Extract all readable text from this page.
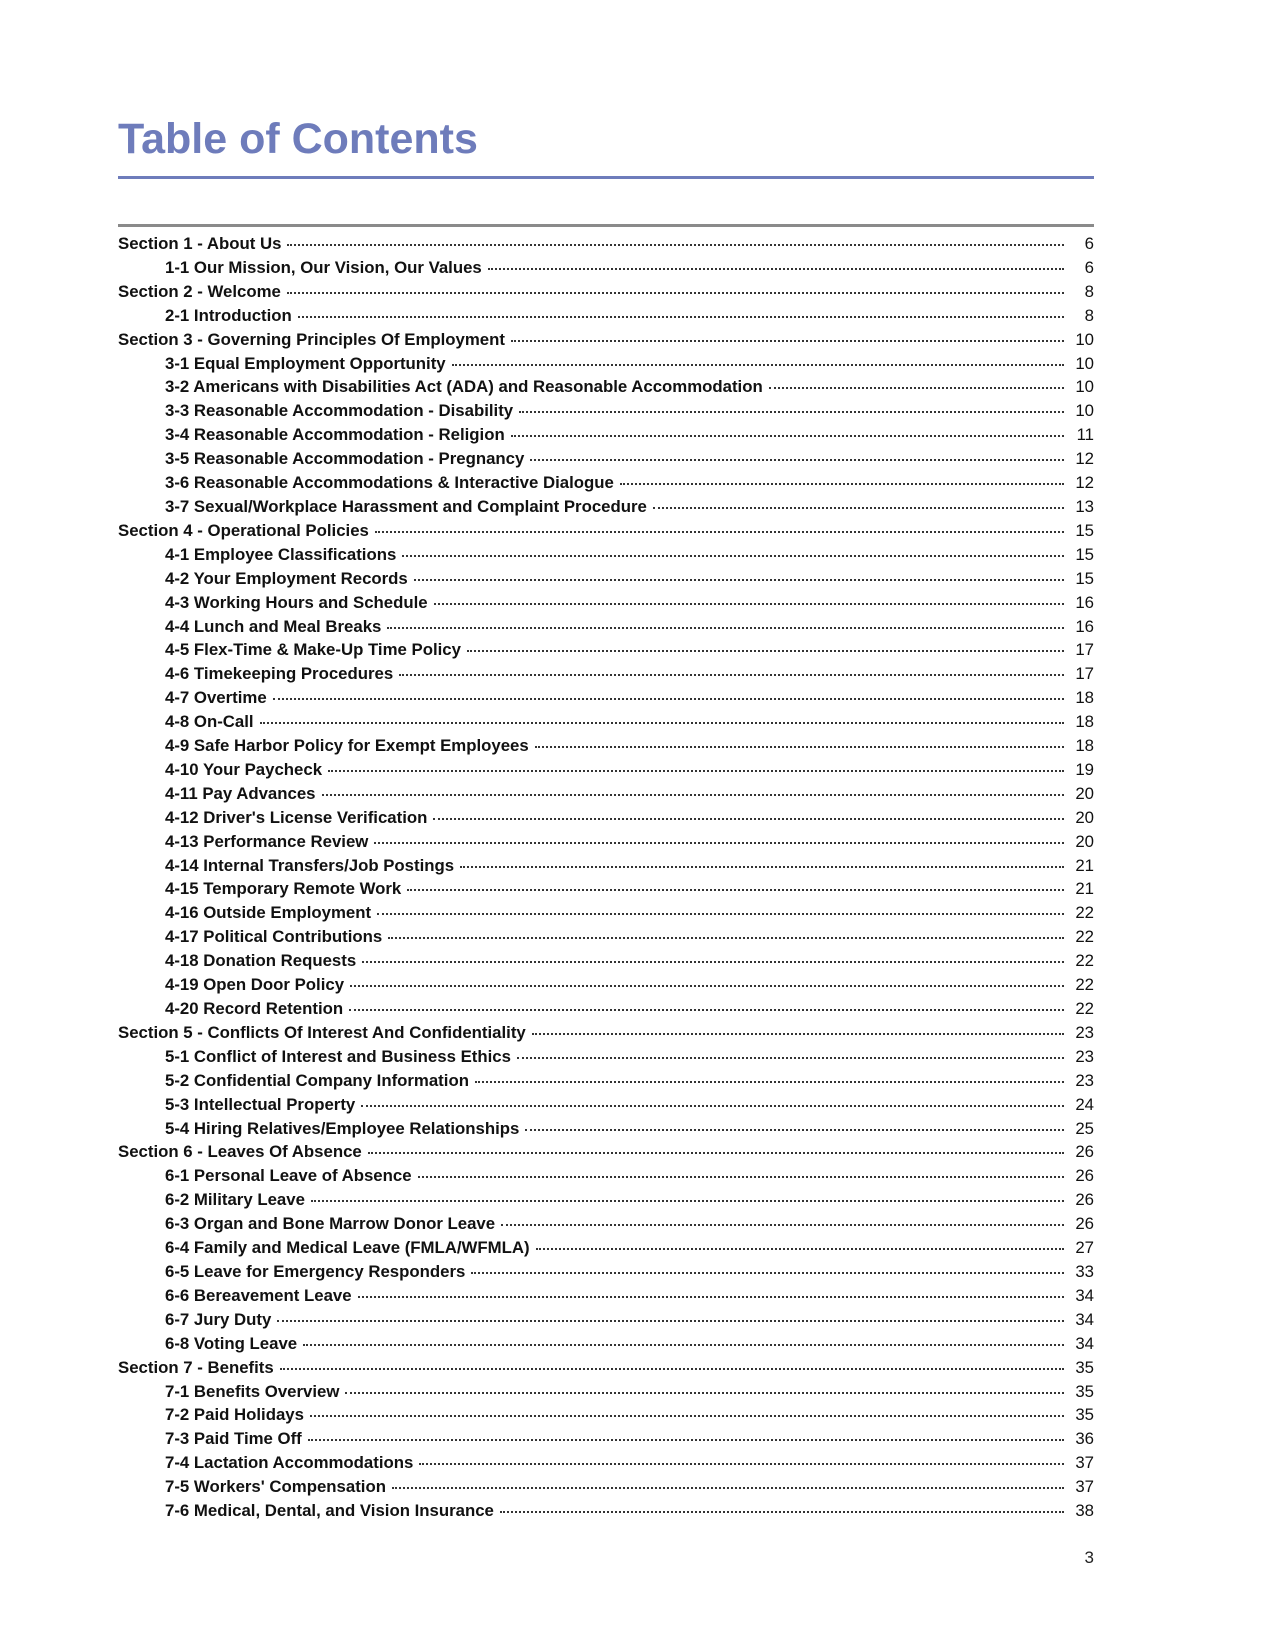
Table of Contents
Section 1 - About Us	6
1-1 Our Mission, Our Vision, Our Values	6
Section 2 - Welcome	8
2-1 Introduction	8
Section 3 - Governing Principles Of Employment	10
3-1 Equal Employment Opportunity	10
3-2 Americans with Disabilities Act (ADA) and Reasonable Accommodation	10
3-3 Reasonable Accommodation - Disability	10
3-4 Reasonable Accommodation - Religion	11
3-5 Reasonable Accommodation - Pregnancy	12
3-6 Reasonable Accommodations & Interactive Dialogue	12
3-7 Sexual/Workplace Harassment and Complaint Procedure	13
Section 4 - Operational Policies	15
4-1 Employee Classifications	15
4-2 Your Employment Records	15
4-3 Working Hours and Schedule	16
4-4 Lunch and Meal Breaks	16
4-5 Flex-Time & Make-Up Time Policy	17
4-6 Timekeeping Procedures	17
4-7 Overtime	18
4-8 On-Call	18
4-9 Safe Harbor Policy for Exempt Employees	18
4-10 Your Paycheck	19
4-11 Pay Advances	20
4-12 Driver's License Verification	20
4-13 Performance Review	20
4-14 Internal Transfers/Job Postings	21
4-15 Temporary Remote Work	21
4-16 Outside Employment	22
4-17 Political Contributions	22
4-18 Donation Requests	22
4-19 Open Door Policy	22
4-20 Record Retention	22
Section 5 - Conflicts Of Interest And Confidentiality	23
5-1 Conflict of Interest and Business Ethics	23
5-2 Confidential Company Information	23
5-3 Intellectual Property	24
5-4 Hiring Relatives/Employee Relationships	25
Section 6 - Leaves Of Absence	26
6-1 Personal Leave of Absence	26
6-2 Military Leave	26
6-3 Organ and Bone Marrow Donor Leave	26
6-4 Family and Medical Leave (FMLA/WFMLA)	27
6-5 Leave for Emergency Responders	33
6-6 Bereavement Leave	34
6-7 Jury Duty	34
6-8 Voting Leave	34
Section 7 - Benefits	35
7-1 Benefits Overview	35
7-2 Paid Holidays	35
7-3 Paid Time Off	36
7-4 Lactation Accommodations	37
7-5 Workers' Compensation	37
7-6 Medical, Dental, and Vision Insurance	38
3
